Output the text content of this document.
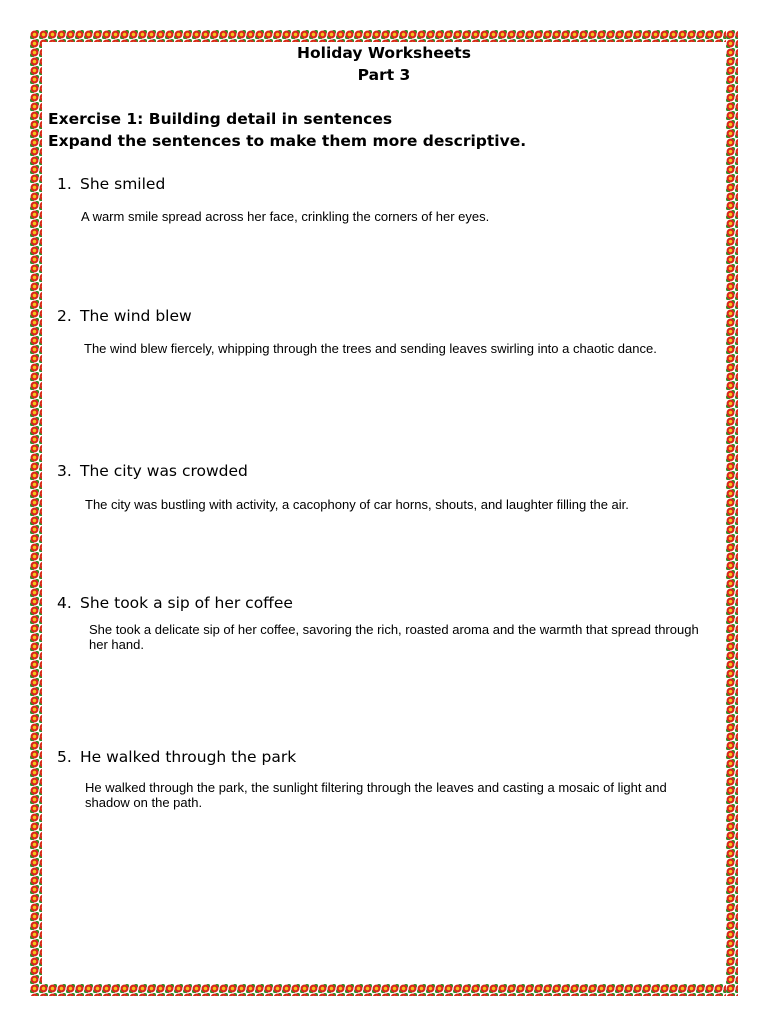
Holiday Worksheets
Part 3
Exercise 1: Building detail in sentences
Expand the sentences to make them more descriptive.
1. She smiled
A warm smile spread across her face, crinkling the corners of her eyes.
2. The wind blew
The wind blew fiercely, whipping through the trees and sending leaves swirling into a chaotic dance.
3. The city was crowded
The city was bustling with activity, a cacophony of car horns, shouts, and laughter filling the air.
4. She took a sip of her coffee
She took a delicate sip of her coffee, savoring the rich, roasted aroma and the warmth that spread through her hand.
5. He walked through the park
He walked through the park, the sunlight filtering through the leaves and casting a mosaic of light and shadow on the path.
